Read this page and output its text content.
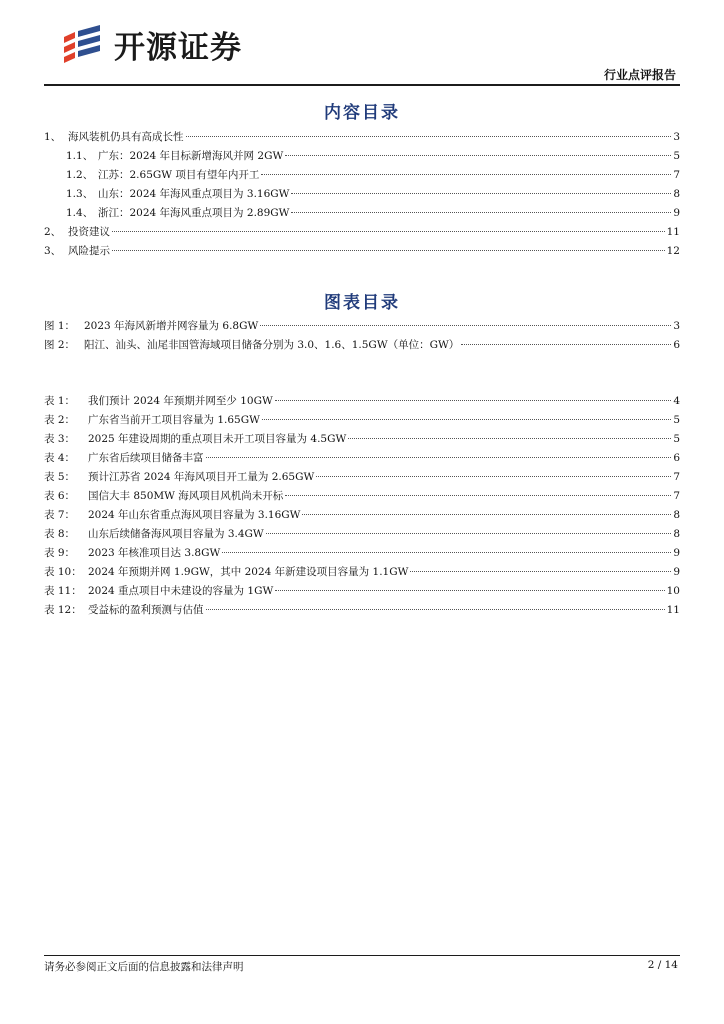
开源证券
行业点评报告
内容目录
1、 海风装机仍具有高成长性	3
1.1、 广东：2024 年目标新增海风并网 2GW	5
1.2、 江苏：2.65GW 项目有望年内开工	7
1.3、 山东：2024 年海风重点项目为 3.16GW	8
1.4、 浙江：2024 年海风重点项目为 2.89GW	9
2、 投资建议	11
3、 风险提示	12
图表目录
图 1： 2023 年海风新增并网容量为 6.8GW	3
图 2： 阳江、汕头、汕尾非国管海域项目储备分别为 3.0、1.6、1.5GW（单位：GW）	6
表 1：	我们预计 2024 年预期并网至少 10GW	4
表 2：	广东省当前开工项目容量为 1.65GW	5
表 3：	2025 年建设周期的重点项目未开工项目容量为 4.5GW	5
表 4：	广东省后续项目储备丰富	6
表 5：	预计江苏省 2024 年海风项目开工量为 2.65GW	7
表 6：	国信大丰 850MW 海风项目风机尚未开标	7
表 7：	2024 年山东省重点海风项目容量为 3.16GW	8
表 8：	山东后续储备海风项目容量为 3.4GW	8
表 9：	2023 年核准项目达 3.8GW	9
表 10： 2024 年预期并网 1.9GW，其中 2024 年新建设项目容量为 1.1GW	9
表 11： 2024 重点项目中未建设的容量为 1GW	10
表 12： 受益标的盈利预测与估值	11
请务必参阅正文后面的信息披露和法律声明	2 / 14
